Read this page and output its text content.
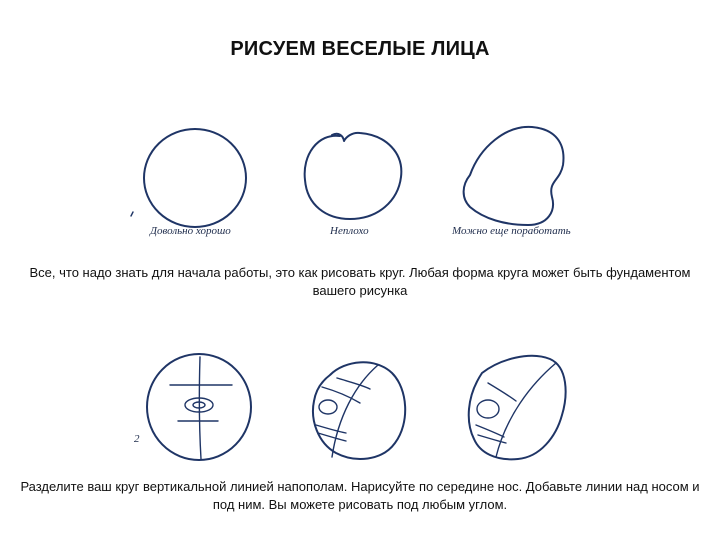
РИСУЕМ ВЕСЕЛЫЕ ЛИЦА
Довольно хорошо	Неплохо	Можно еще поработать
Все, что надо знать для начала работы, это как рисовать круг. Любая форма круга может быть фундаментом вашего рисунка
2
Разделите ваш круг вертикальной линией напополам. Нарисуйте по середине нос. Добавьте линии над носом и под ним. Вы можете рисовать под любым углом.
